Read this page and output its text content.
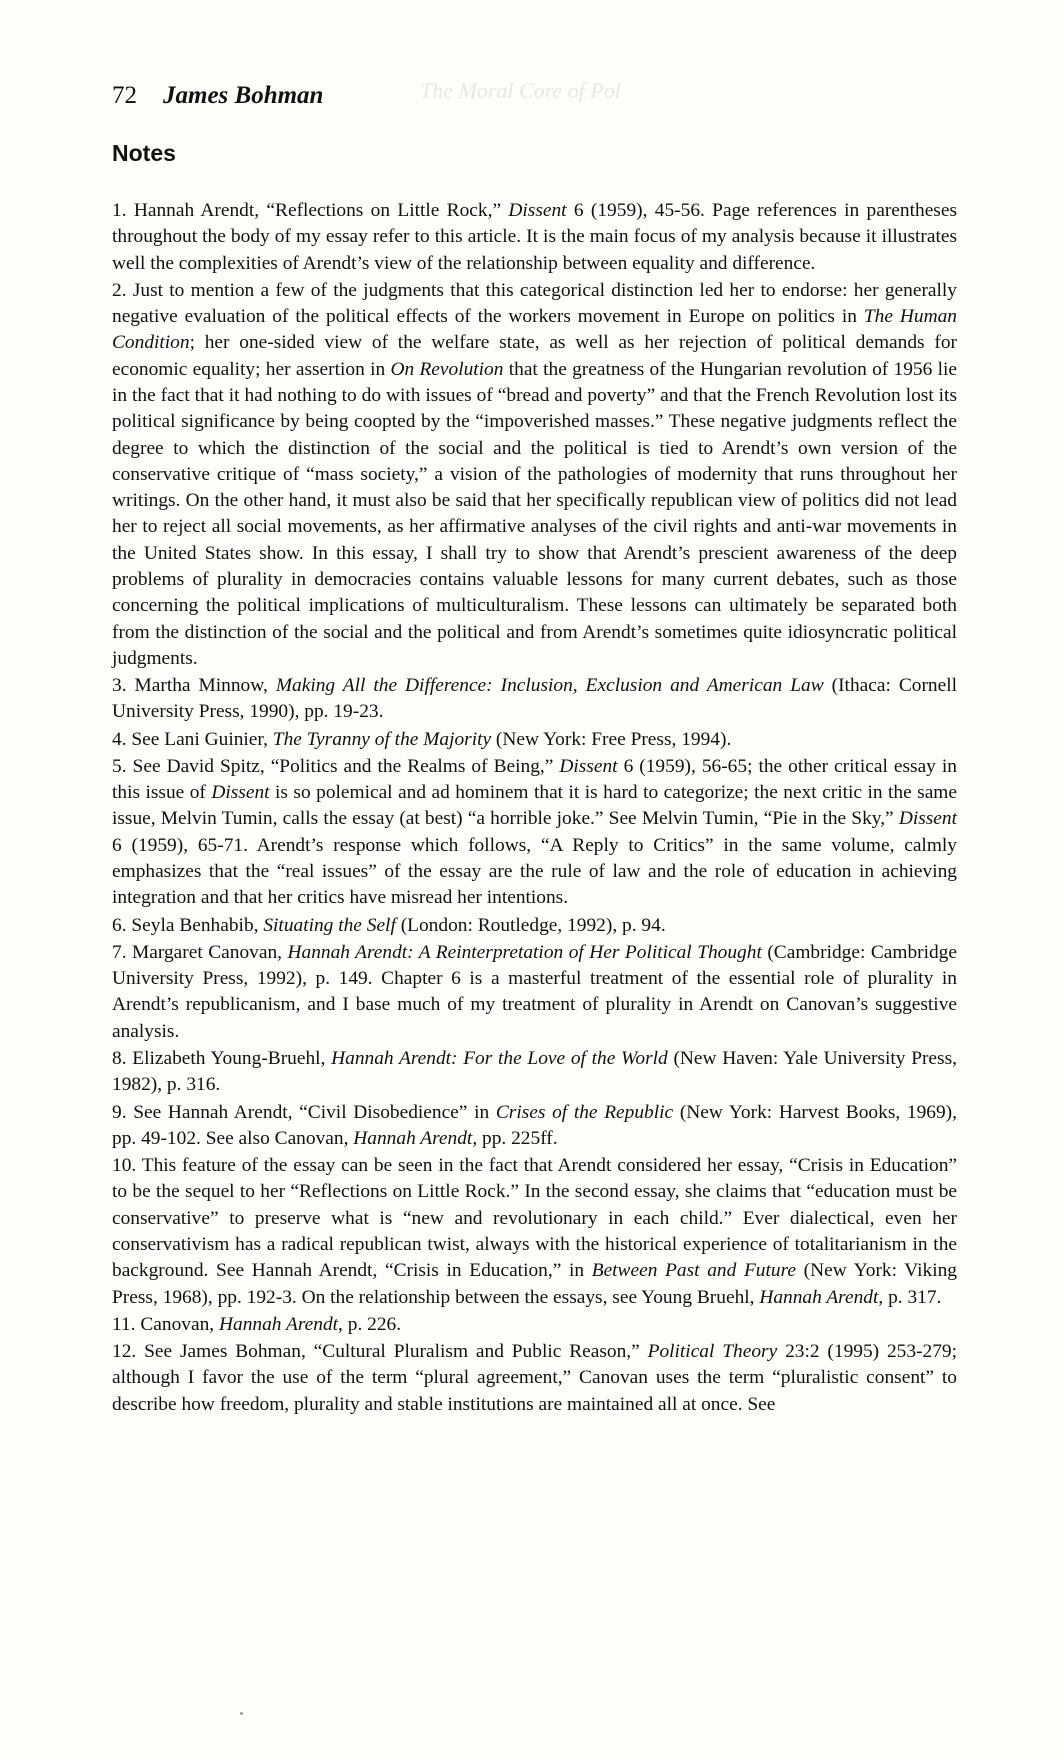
The Moral Core of Pol
72 James Bohman
Notes

1. Hannah Arendt, “Reflections on Little Rock,” Dissent 6 (1959), 45-56. Page references in parentheses throughout the body of my essay refer to this article. It is the main focus of my analysis because it illustrates well the complexities of Arendt’s view of the relationship between equality and difference.

2. Just to mention a few of the judgments that this categorical distinction led her to endorse: her generally negative evaluation of the political effects of the workers movement in Europe on politics in The Human Condition; her one-sided view of the welfare state, as well as her rejection of political demands for economic equality; her assertion in On Revolution that the greatness of the Hungarian revolution of 1956 lie in the fact that it had nothing to do with issues of “bread and poverty” and that the French Revolution lost its political significance by being coopted by the “impoverished masses.” These negative judgments reflect the degree to which the distinction of the social and the political is tied to Arendt’s own version of the conservative critique of “mass society,” a vision of the pathologies of modernity that runs throughout her writings. On the other hand, it must also be said that her specifically republican view of politics did not lead her to reject all social movements, as her affirmative analyses of the civil rights and anti-war movements in the United States show. In this essay, I shall try to show that Arendt’s prescient awareness of the deep problems of plurality in democracies contains valuable lessons for many current debates, such as those concerning the political implications of multiculturalism. These lessons can ultimately be separated both from the distinction of the social and the political and from Arendt’s sometimes quite idiosyncratic political judgments.

3. Martha Minnow, Making All the Difference: Inclusion, Exclusion and American Law (Ithaca: Cornell University Press, 1990), pp. 19-23.

4. See Lani Guinier, The Tyranny of the Majority (New York: Free Press, 1994).

5. See David Spitz, “Politics and the Realms of Being,” Dissent 6 (1959), 56-65; the other critical essay in this issue of Dissent is so polemical and ad hominem that it is hard to categorize; the next critic in the same issue, Melvin Tumin, calls the essay (at best) “a horrible joke.” See Melvin Tumin, “Pie in the Sky,” Dissent 6 (1959), 65-71. Arendt’s response which follows, “A Reply to Critics” in the same volume, calmly emphasizes that the “real issues” of the essay are the rule of law and the role of education in achieving integration and that her critics have misread her intentions.

6. Seyla Benhabib, Situating the Self (London: Routledge, 1992), p. 94.

7. Margaret Canovan, Hannah Arendt: A Reinterpretation of Her Political Thought (Cambridge: Cambridge University Press, 1992), p. 149. Chapter 6 is a masterful treatment of the essential role of plurality in Arendt’s republicanism, and I base much of my treatment of plurality in Arendt on Canovan’s suggestive analysis.

8. Elizabeth Young-Bruehl, Hannah Arendt: For the Love of the World (New Haven: Yale University Press, 1982), p. 316.

9. See Hannah Arendt, “Civil Disobedience” in Crises of the Republic (New York: Harvest Books, 1969), pp. 49-102. See also Canovan, Hannah Arendt, pp. 225ff.

10. This feature of the essay can be seen in the fact that Arendt considered her essay, “Crisis in Education” to be the sequel to her “Reflections on Little Rock.” In the second essay, she claims that “education must be conservative” to preserve what is “new and revolutionary in each child.” Ever dialectical, even her conservativism has a radical republican twist, always with the historical experience of totalitarianism in the background. See Hannah Arendt, “Crisis in Education,” in Between Past and Future (New York: Viking Press, 1968), pp. 192-3. On the relationship between the essays, see Young Bruehl, Hannah Arendt, p. 317.

11. Canovan, Hannah Arendt, p. 226.

12. See James Bohman, “Cultural Pluralism and Public Reason,” Political Theory 23:2 (1995) 253-279; although I favor the use of the term “plural agreement,” Canovan uses the term “pluralistic consent” to describe how freedom, plurality and stable institutions are maintained all at once. See
